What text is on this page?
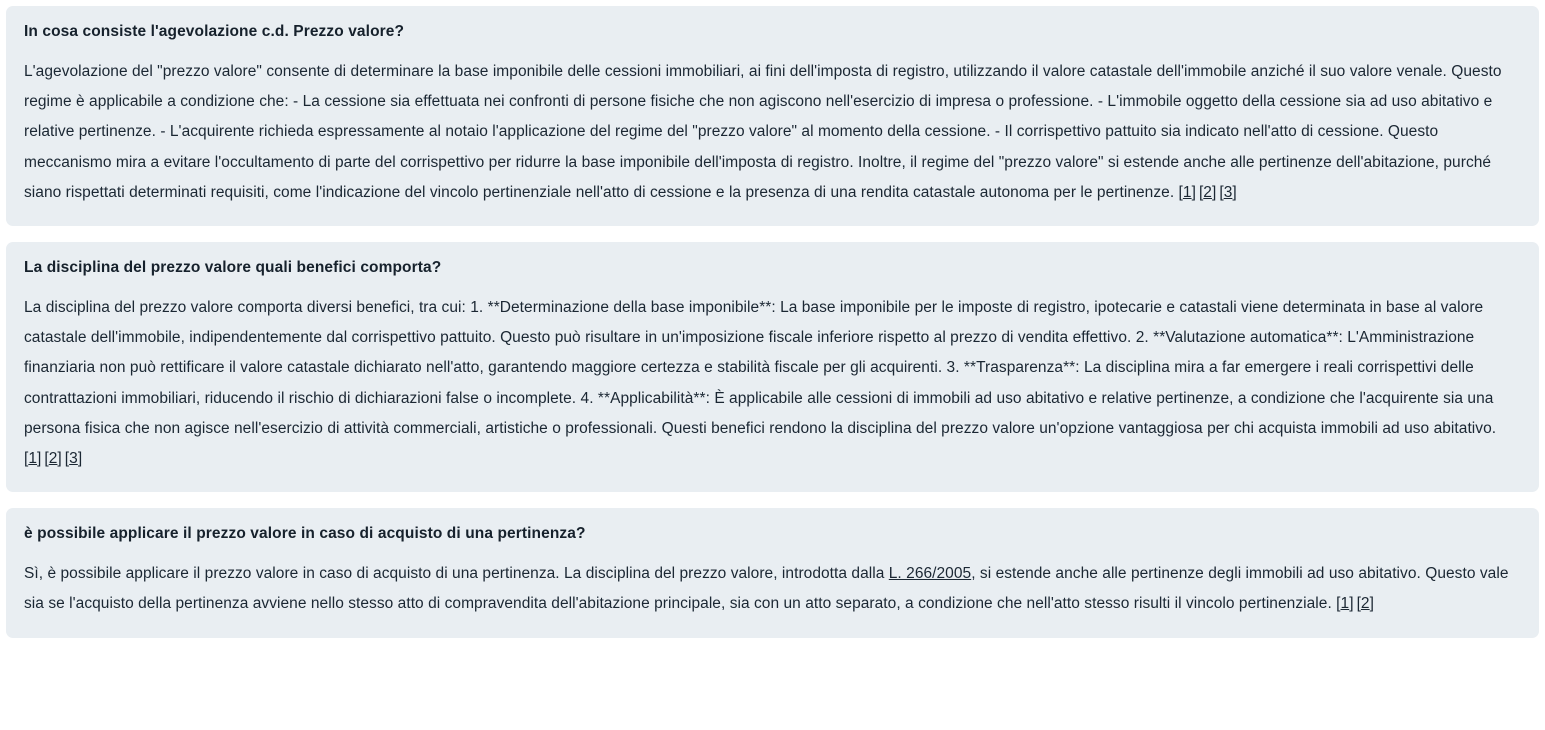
In cosa consiste l'agevolazione c.d. Prezzo valore?
L'agevolazione del "prezzo valore" consente di determinare la base imponibile delle cessioni immobiliari, ai fini dell'imposta di registro, utilizzando il valore catastale dell'immobile anziché il suo valore venale. Questo regime è applicabile a condizione che: - La cessione sia effettuata nei confronti di persone fisiche che non agiscono nell'esercizio di impresa o professione. - L'immobile oggetto della cessione sia ad uso abitativo e relative pertinenze. - L'acquirente richieda espressamente al notaio l'applicazione del regime del "prezzo valore" al momento della cessione. - Il corrispettivo pattuito sia indicato nell'atto di cessione. Questo meccanismo mira a evitare l'occultamento di parte del corrispettivo per ridurre la base imponibile dell'imposta di registro. Inoltre, il regime del "prezzo valore" si estende anche alle pertinenze dell'abitazione, purché siano rispettati determinati requisiti, come l'indicazione del vincolo pertinenziale nell'atto di cessione e la presenza di una rendita catastale autonoma per le pertinenze. [1] [2] [3]
La disciplina del prezzo valore quali benefici comporta?
La disciplina del prezzo valore comporta diversi benefici, tra cui: 1. **Determinazione della base imponibile**: La base imponibile per le imposte di registro, ipotecarie e catastali viene determinata in base al valore catastale dell'immobile, indipendentemente dal corrispettivo pattuito. Questo può risultare in un'imposizione fiscale inferiore rispetto al prezzo di vendita effettivo. 2. **Valutazione automatica**: L'Amministrazione finanziaria non può rettificare il valore catastale dichiarato nell'atto, garantendo maggiore certezza e stabilità fiscale per gli acquirenti. 3. **Trasparenza**: La disciplina mira a far emergere i reali corrispettivi delle contrattazioni immobiliari, riducendo il rischio di dichiarazioni false o incomplete. 4. **Applicabilità**: È applicabile alle cessioni di immobili ad uso abitativo e relative pertinenze, a condizione che l'acquirente sia una persona fisica che non agisce nell'esercizio di attività commerciali, artistiche o professionali. Questi benefici rendono la disciplina del prezzo valore un'opzione vantaggiosa per chi acquista immobili ad uso abitativo. [1] [2] [3]
è possibile applicare il prezzo valore in caso di acquisto di una pertinenza?
Sì, è possibile applicare il prezzo valore in caso di acquisto di una pertinenza. La disciplina del prezzo valore, introdotta dalla L. 266/2005, si estende anche alle pertinenze degli immobili ad uso abitativo. Questo vale sia se l'acquisto della pertinenza avviene nello stesso atto di compravendita dell'abitazione principale, sia con un atto separato, a condizione che nell'atto stesso risulti il vincolo pertinenziale. [1] [2]
